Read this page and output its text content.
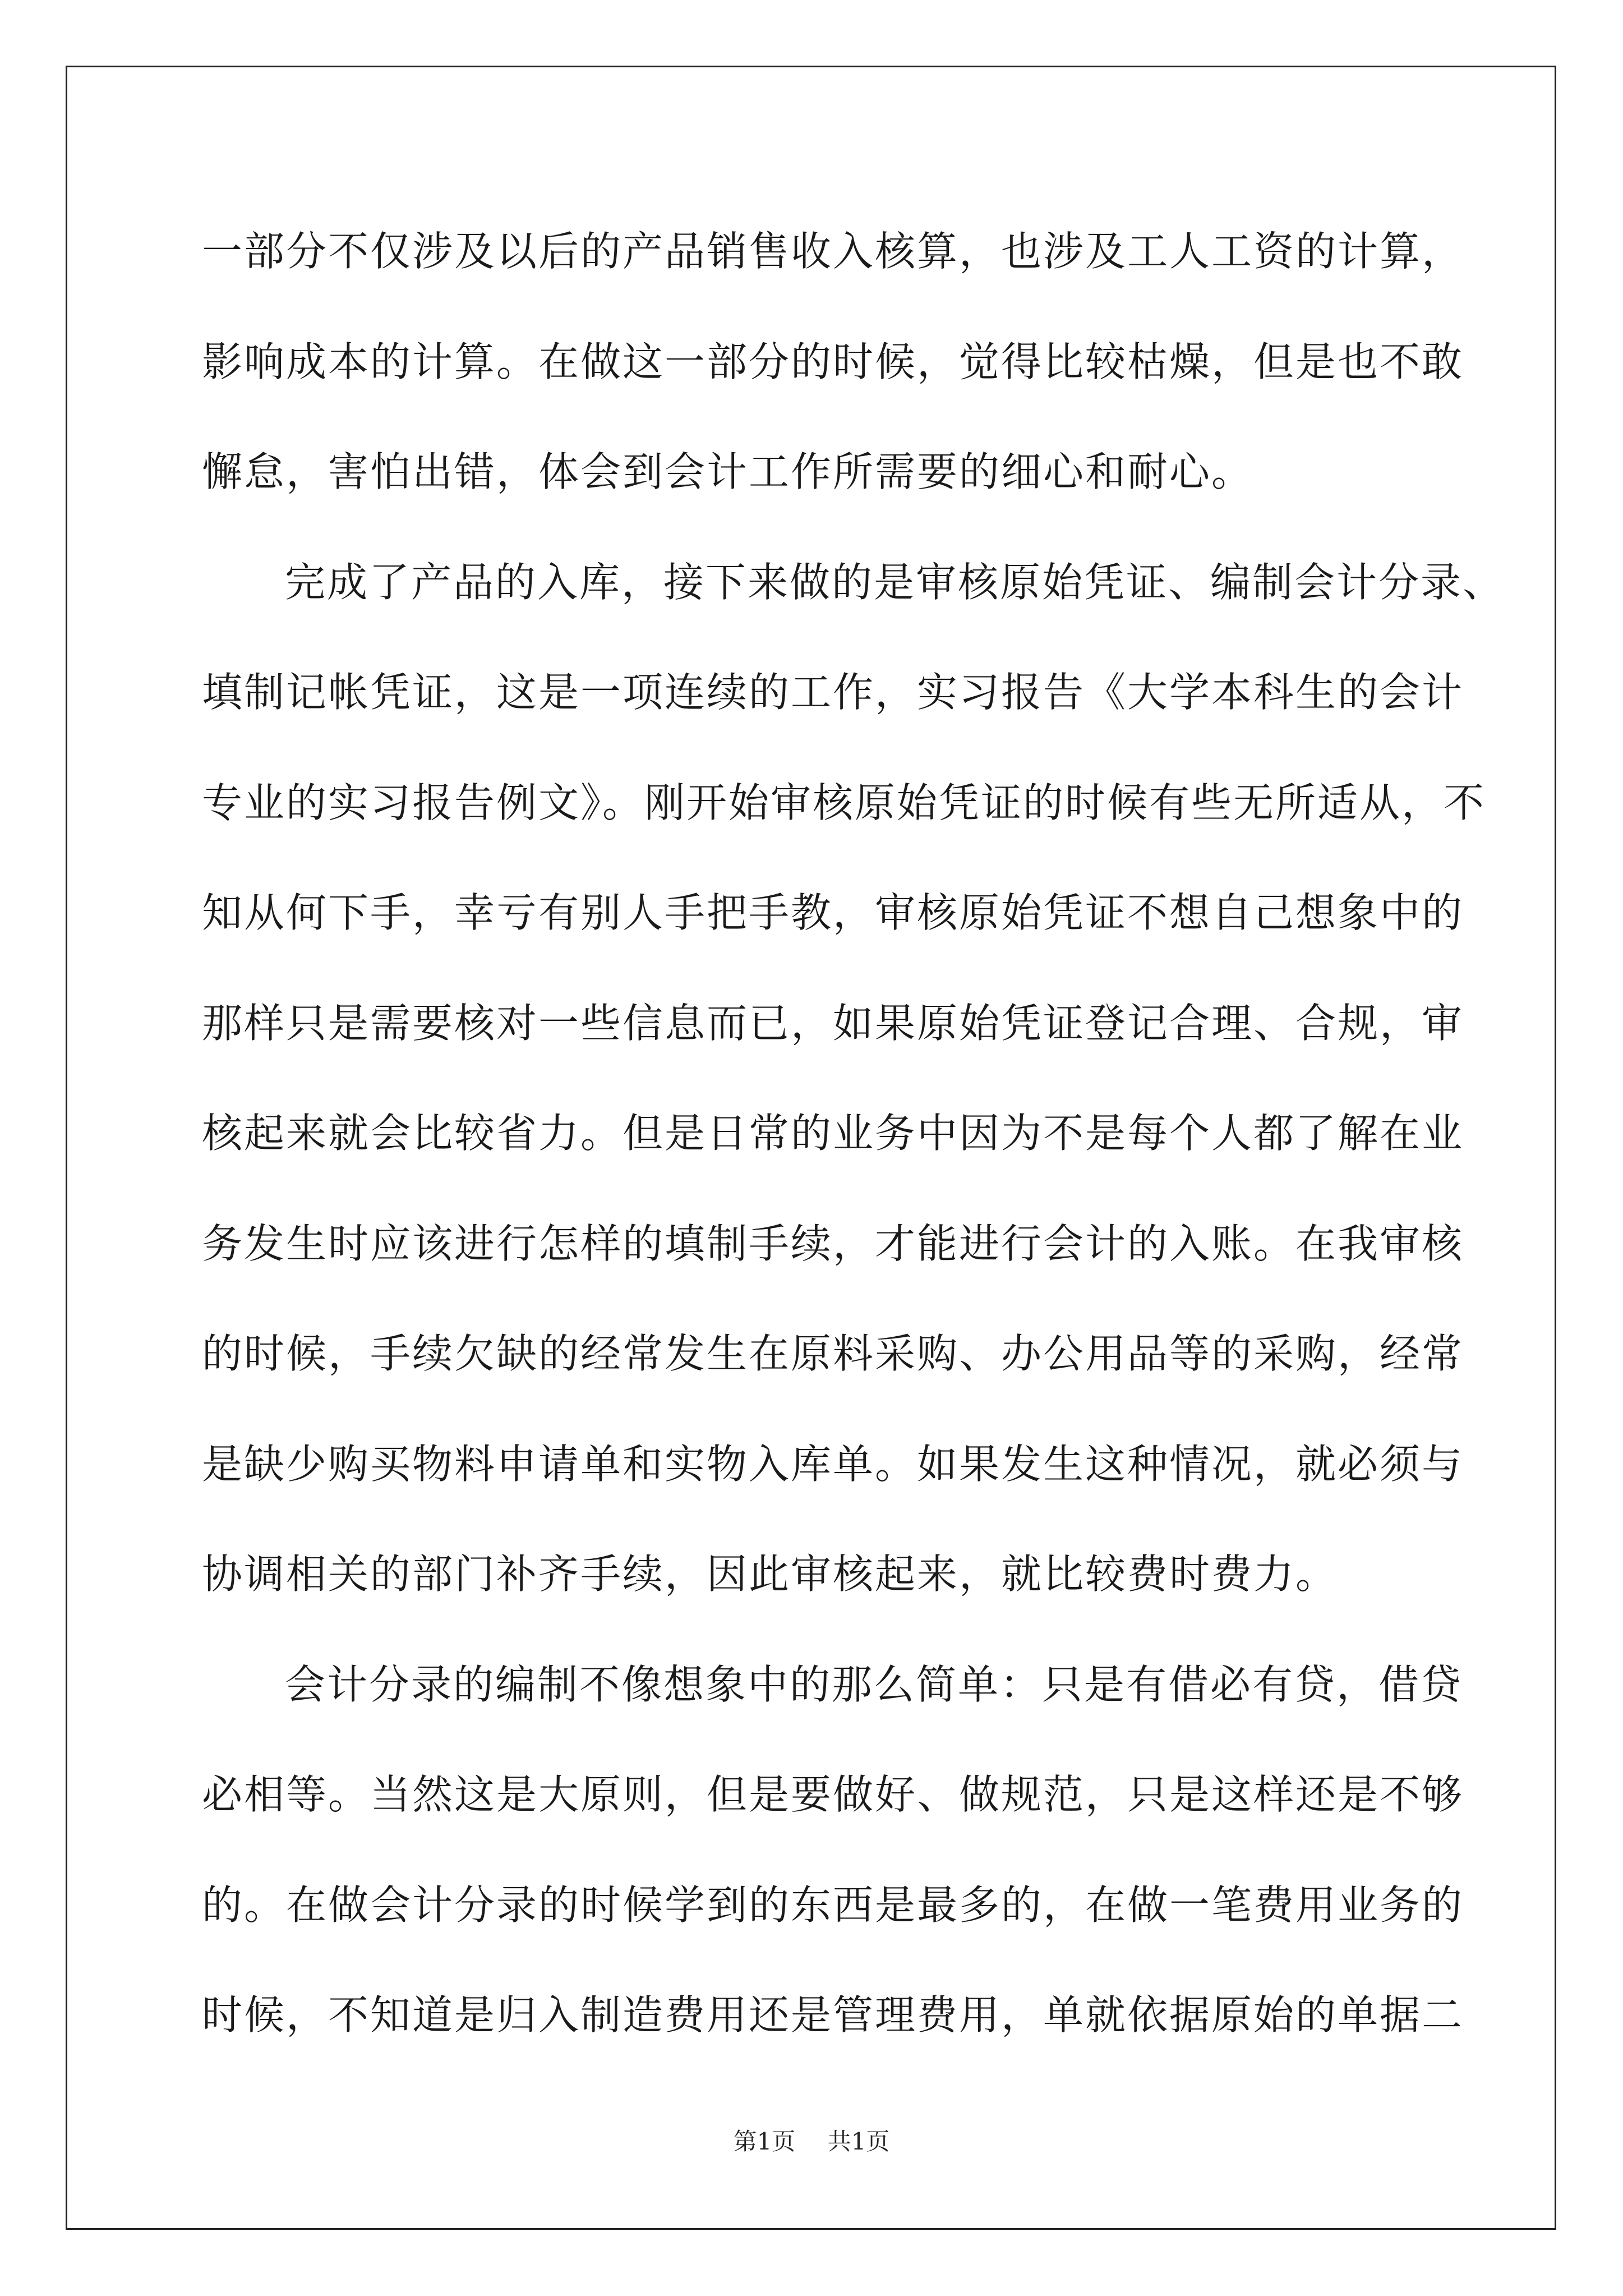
一部分不仅涉及以后的产品销售收入核算，也涉及工人工资的计算，
影响成本的计算。在做这一部分的时候，觉得比较枯燥，但是也不敢
懈怠，害怕出错，体会到会计工作所需要的细心和耐心。
完成了产品的入库，接下来做的是审核原始凭证、编制会计分录、
填制记帐凭证，这是一项连续的工作，实习报告《大学本科生的会计
专业的实习报告例文》。刚开始审核原始凭证的时候有些无所适从，不
知从何下手，幸亏有别人手把手教，审核原始凭证不想自己想象中的
那样只是需要核对一些信息而已，如果原始凭证登记合理、合规，审
核起来就会比较省力。但是日常的业务中因为不是每个人都了解在业
务发生时应该进行怎样的填制手续，才能进行会计的入账。在我审核
的时候，手续欠缺的经常发生在原料采购、办公用品等的采购，经常
是缺少购买物料申请单和实物入库单。如果发生这种情况，就必须与
协调相关的部门补齐手续，因此审核起来，就比较费时费力。
会计分录的编制不像想象中的那么简单：只是有借必有贷，借贷
必相等。当然这是大原则，但是要做好、做规范，只是这样还是不够
的。在做会计分录的时候学到的东西是最多的，在做一笔费用业务的
时候，不知道是归入制造费用还是管理费用，单就依据原始的单据二
第1页 共1页
